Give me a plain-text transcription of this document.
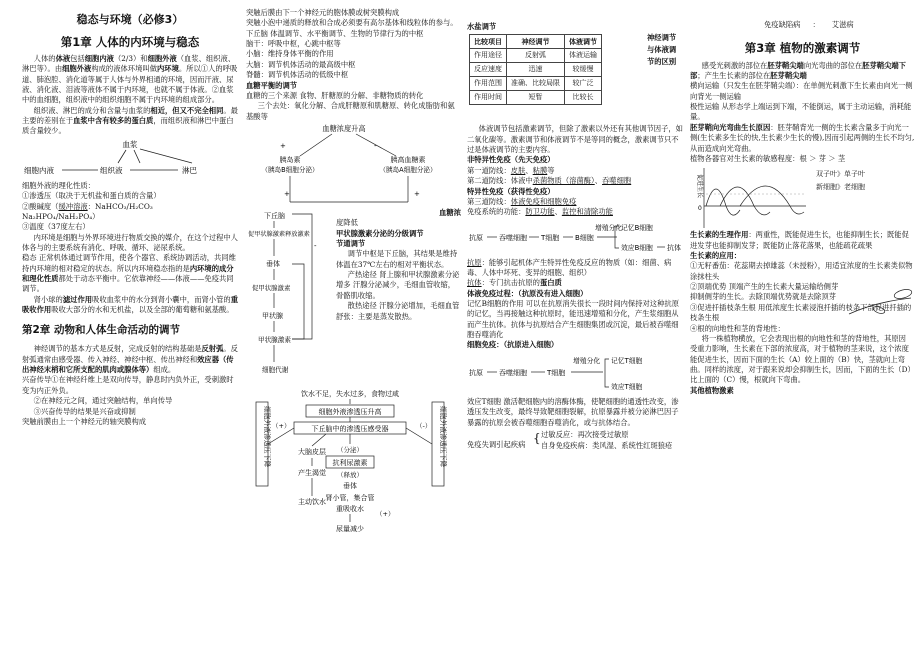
稳态与环境（必修3）
第1章 人体的内环境与稳态

人体的体液包括细胞内液（2/3）和细胞外液（血浆、组织液、淋巴等）。由细胞外液构成的液体环境叫做内环境。所以①人的呼吸道、肺泡腔、消化道等属于人体与外界相通的环境，因而汗液、尿液、消化液、泪液等液体不属于内环境，也就不属于体液。②血浆中的血细胞，组织液中的组织细胞不属于内环境的组成部分。

组织液、淋巴的成分和含量与血浆的相近，但又不完全相同。最主要的差别在于血浆中含有较多的蛋白质，而组织液和淋巴中蛋白质含量较少。

血浆
细胞内液	组织液	淋巴

细胞外液的理化性质：

①渗透压（取决于无机盐和蛋白质的含量）

②酸碱度（缓冲溶液：NaHCO₃/H₂CO₃　　Na₂HPO₄/NaH₂PO₄）

③温度（37度左右）

内环境是细胞与外界环境进行物质交换的媒介，在这个过程中人体各与的主要系统有消化、呼吸、循环、泌尿系统。

稳态 正常机体通过调节作用，使各个器官、系统协调活动，共同维持内环境的相对稳定的状态。所以内环境稳态指的是内环境的成分和理化性质都处于动态平衡中。它依靠神经——体液——免疫共同调节。

肾小球的滤过作用吸收血浆中的水分到肾小囊中，而肾小管的重吸收作用吸收大部分的水和无机盐，以及全部的葡萄糖和氨基酸。

第2章 动物和人体生命活动的调节

神经调节的基本方式是反射，完成反射的结构基础是反射弧。反射弧通常由感受器、传入神经、神经中枢、传出神经和效应器（传出神经末梢和它所支配的肌肉或腺体等）组成。

兴奋传导①在神经纤维上是双向传导，静息时内负外正，受刺激时变为内正外负。

②在神经元之间，通过突触结构，单向传导

③兴奋传导的结果是兴奋或抑制

突触前膜由上一个神经元的轴突膜构成

突触后膜由下一个神经元的胞体膜或树突膜构成

突触小泡中递质的释放和合成必须要有高尔基体和线粒体的参与。

下丘脑 体温调节、水平衡调节、生物的节律行为的中枢

脑干：呼吸中枢，心跳中枢等

小脑：维持身体平衡的作用

大脑：调节机体活动的最高级中枢

脊髓：调节机体活动的低级中枢

血糖平衡的调节

血糖的三个来源 食物、肝糖原的分解、非糖物质的转化

三个去处：氧化分解、合成肝糖原和肌糖原、转化成脂肪和氨基酸等

血糖浓度升高
胰岛素
（胰岛B细胞分泌）
胰高血糖素
（胰岛A细胞分泌）
+	-
+	+
下丘脑
促甲状腺激素释放激素
垂体
促甲状腺激素
甲状腺
甲状腺激素
细胞代谢
-

血糖浓

度降低

甲状腺激素分泌的分级调节

节通调节

调节中枢是下丘脑，其结果是维持体温在37℃左右的相对平衡状态。

产热途径 肾上腺和甲状腺激素分泌增多 汗腺分泌减少，毛细血管收缩，骨骼肌收缩。

散热途径 汗腺分泌增加，毛细血管舒张：主要是蒸发散热。

饮水不足，失水过多，食物过咸
细胞外液渗透压升高
下丘脑中的渗透压感受器
大脑皮层
产生渴觉
主动饮水
（分泌）
抗利尿激素
（释放）
垂体
肾小管，集合管
重吸收水
尿量减少
细胞外液渗透压下降	细胞外液渗透压下降
（+）	（-）
（+）

水盐调节

比较项目	神经调节	体液调节
作用途径	反射弧	体液运输
反应速度	迅速	较缓慢
作用范围	准确、比较局限	较广泛
作用时间	短暂	比较长
神经调节与体液调节的区别

体液调节包括激素调节，但除了激素以外还有其他调节因子，如二氧化碳等。激素调节和体液调节不是等同的概念，激素调节只不过是体液调节的主要内容。

非特异性免疫（先天免疫）

第一道防线：皮肤、粘膜等

第二道防线：体液中杀菌物质（溶菌酶）、吞噬细胞

特异性免疫（获得性免疫）

第三道防线：体液免疫和细胞免疫

免疫系统的功能：防卫功能、监控和清除功能

抗原 吞噬细胞 T细胞 B细胞
增殖分化
记忆B细胞
效应B细胞 抗体

抗原：能够引起机体产生特异性免疫反应的物质（如：细菌、病毒、人体中坏死、变异的细胞、组织）

抗体：专门抗击抗原的蛋白质

体液免疫过程：（抗原没有进入细胞）

记忆B细胞的作用 可以在抗原消失很长一段时间内保持对这种抗原的记忆，当再接触这种抗原时，能迅速增殖和分化，产生浆细胞从而产生抗体。抗体与抗原结合产生细胞集团或沉淀，最后被吞噬细胞吞噬消化

细胞免疫：（抗原进入细胞）

抗原 吞噬细胞	T细胞
增殖分化 记忆T细胞
效应T细胞

效应T细胞 激活靶细胞内的溶酶体酶，使靶细胞的通透性改变，渗透压发生改变，最终导致靶细胞裂解，抗原暴露并被分泌淋巴因子

暴露的抗原会被吞噬细胞吞噬消化，或与抗体结合。

免疫失调引起疾病 { 过敏反应：再次接受过敏原
自身免疫疾病：类风湿、系统性红斑狼疮

免疫缺陷病 ： 艾滋病

第3章 植物的激素调节

感受光刺激的部位在胚芽鞘尖端向光弯曲的部位在胚芽鞘尖端下部；产生生长素的部位在胚芽鞘尖端

横向运输（只发生在胚芽鞘尖端）：在单侧光刺激下生长素由向光一侧向背光一侧运输

极性运输 从形态学上端运到下端，不能倒运，属于主动运输，消耗能量。

胚芽鞘向光弯曲生长原因：胚芽鞘背光一侧的生长素含量多于向光一侧(生长素多生长的快,生长素少生长的慢),因而引起两侧的生长不均匀,从而造成向光弯曲。

植物各器官对生长素的敏感程度：根 ＞ 芽 ＞ 茎

促进生长
0

双子叶》单子叶

新细胞》老细胞

生长素的生理作用：两重性，既能促进生长，也能抑制生长；既能促进发芽也能抑制发芽；既能防止落花落果，也能疏花疏果

生长素的应用：

①无籽番茄：花蕊期去掉雄蕊（未授粉），用适宜浓度的生长素类似物涂抹柱头

②顶端优势 顶端产生的生长素大量运输给侧芽抑制侧芽的生长。去除顶端优势就是去除顶芽

③促进扦插枝条生根 用低浓度生长素浸泡扦插的枝条下部促进扦插的枝条生根

④根的向地性和茎的背地性：

将一株植物横放，它会表现出根的向地性和茎的背地性，其原因 受重力影响，生长素在下部的浓度高，对于植物的茎来说，这个浓度能促进生长，因而下面的生长（A）较上面的（B）快，茎就向上弯曲。同样的浓度，对于跟来说却会抑制生长，因而，下面的生长（D）比上面的（C）慢，根就向下弯曲。

其他植物激素
